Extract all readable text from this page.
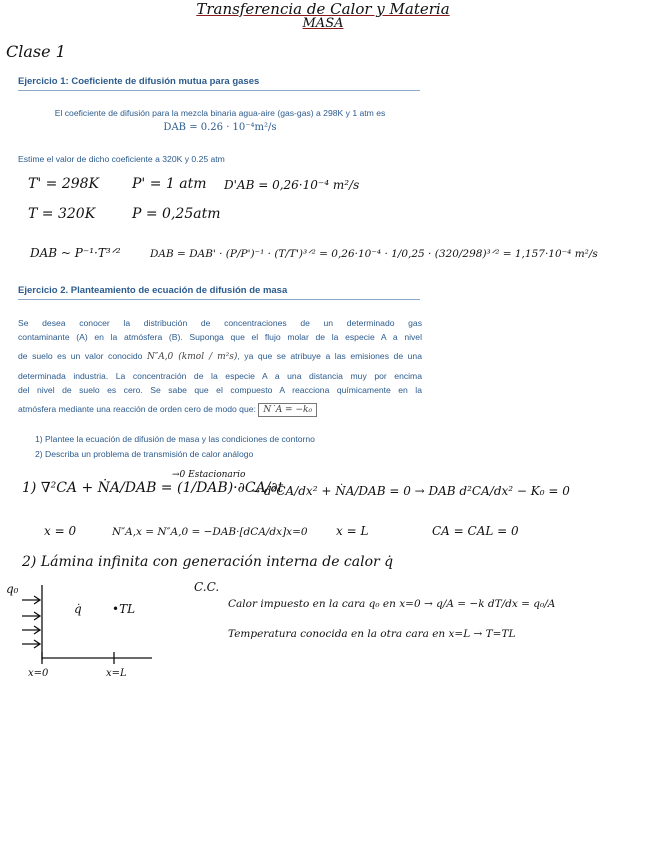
Transferencia de Calor y Materia
MASA
Clase 1
Ejercicio 1: Coeficiente de difusión mutua para gases
El coeficiente de difusión para la mezcla binaria agua-aire (gas-gas) a 298K y 1 atm es
DAB = 0.26 · 10⁻⁴m²/s
Estime el valor de dicho coeficiente a 320K y 0.25 atm
T' = 298K P' = 1 atm D'AB = 0,26·10⁻⁴ m²/s
T = 320K	P = 0,25atm
DAB ~ P⁻¹·T³ᐟ²	DAB = DAB' · (P/P')⁻¹ · (T/T')³ᐟ² = 0,26·10⁻⁴ · 1/0,25 · (320/298)³ᐟ² = 1,157·10⁻⁴ m²/s
Ejercicio 2. Planteamiento de ecuación de difusión de masa
Se desea conocer la distribución de concentraciones de un determinado gas
contaminante (A) en la atmósfera (B). Suponga que el flujo molar de la especie A a nivel
de suelo es un valor conocido N″A,0 (kmol / m²s), ya que se atribuye a las emisiones de una
determinada industria. La concentración de la especie A a una distancia muy por encima
del nivel de suelo es cero. Se sabe que el compuesto A reacciona químicamente en la
atmósfera mediante una reacción de orden cero de modo que: N˙A = −k₀
1) Plantee la ecuación de difusión de masa y las condiciones de contorno
2) Describa un problema de transmisión de calor análogo
1) ∇²CA + ṄA/DAB = (1/DAB)·∂CA/∂t
→0 Estacionario
→ d²CA/dx² + ṄA/DAB = 0 → DAB d²CA/dx² − K₀ = 0
x = 0	N″A,x = N″A,0 = −DAB·[dCA/dx]x=0 x = L	CA = CAL = 0
2) Lámina infinita con generación interna de calor q̇
q₀
q̇	•TL
x=0	x=L
C.C.
Calor impuesto en la cara q₀ en x=0 → q/A = −k dT/dx = q₀/A
Temperatura conocida en la otra cara en x=L → T=TL
